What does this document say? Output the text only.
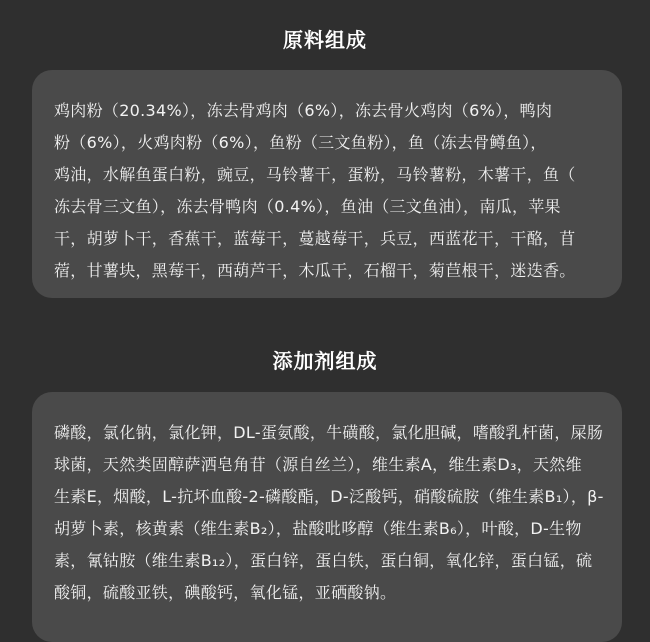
原料组成
鸡肉粉（20.34%），冻去骨鸡肉（6%），冻去骨火鸡肉（6%），鸭肉
粉（6%），火鸡肉粉（6%），鱼粉（三文鱼粉），鱼（冻去骨鳟鱼），
鸡油，水解鱼蛋白粉，豌豆，马铃薯干，蛋粉，马铃薯粉，木薯干，鱼（
冻去骨三文鱼），冻去骨鸭肉（0.4%），鱼油（三文鱼油），南瓜，苹果
干，胡萝卜干，香蕉干，蓝莓干，蔓越莓干，兵豆，西蓝花干，干酪，苜
蓿，甘薯块，黑莓干，西葫芦干，木瓜干，石榴干，菊苣根干，迷迭香。
添加剂组成
磷酸，氯化钠，氯化钾，DL-蛋氨酸，牛磺酸，氯化胆碱，嗜酸乳杆菌，屎肠
球菌，天然类固醇萨洒皂角苷（源自丝兰），维生素A，维生素D₃，天然维
生素E，烟酸，L-抗坏血酸-2-磷酸酯，D-泛酸钙，硝酸硫胺（维生素B₁），β-
胡萝卜素，核黄素（维生素B₂），盐酸吡哆醇（维生素B₆），叶酸，D-生物
素，氰钴胺（维生素B₁₂），蛋白锌，蛋白铁，蛋白铜，氧化锌，蛋白锰，硫
酸铜，硫酸亚铁，碘酸钙，氧化锰，亚硒酸钠。
